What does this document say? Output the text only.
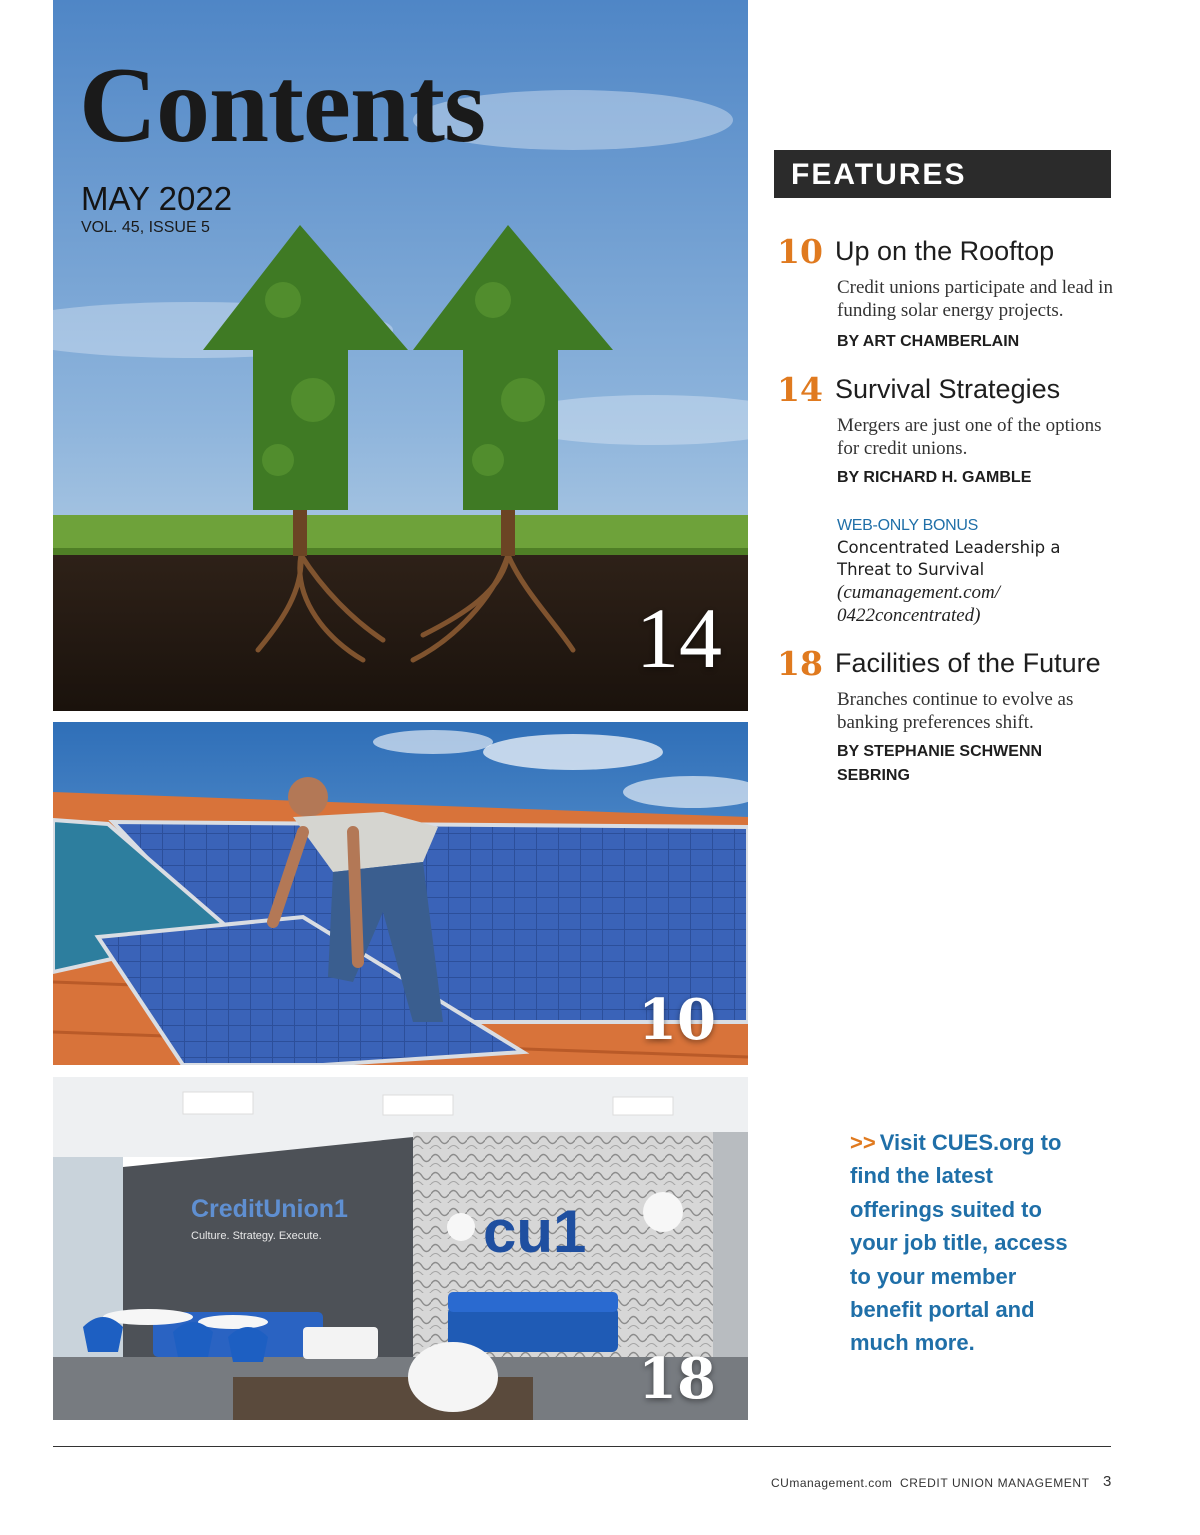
Contents
MAY 2022
VOL. 45, ISSUE 5
14
10
CreditUnion1
Culture. Strategy. Execute.	cu1
18
FEATURES
10 Up on the Rooftop
Credit unions participate and lead in funding solar energy projects.
BY ART CHAMBERLAIN
14 Survival Strategies
Mergers are just one of the options for credit unions.
BY RICHARD H. GAMBLE
WEB-ONLY BONUS
Concentrated Leadership a Threat to Survival
(cumanagement.com/ 0422concentrated)
18 Facilities of the Future
Branches continue to evolve as banking preferences shift.
BY STEPHANIE SCHWENN SEBRING
>> Visit CUES.org to find the latest offerings suited to your job title, access to your member benefit portal and much more.
CUmanagement.com CREDIT UNION MANAGEMENT 3
